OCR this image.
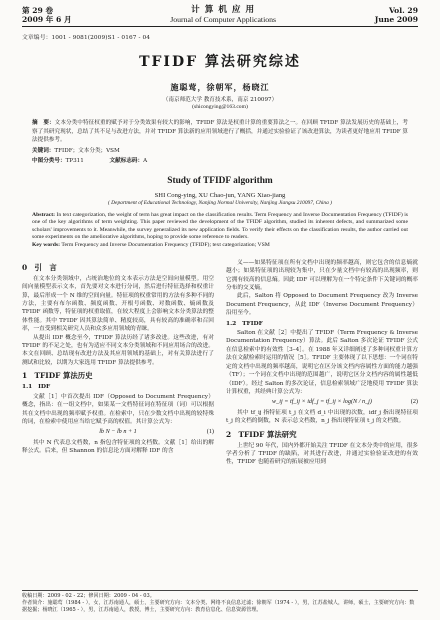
第 29 卷
2009 年 6 月
计 算 机 应 用
Journal of Computer Applications
Vol. 29
June 2009
文章编号：1001 - 9081(2009)S1 - 0167 - 04
TFIDF 算法研究综述
施聪莺，徐朝军，杨晓江
（南京师范大学 教育技术系，南京 210097）
(shicongying@163.com)
摘　要：文本分类中特征权重的赋予对于分类效果有较大的影响，TFIDF 算法是权重计算的重要算法之一。在回顾 TFIDF 算法发展历史的基础上，考察了其研究现状，总结了其不足与改进方法，并对 TFIDF 算法新的应用领域进行了概括，并通过实验验证了该改进算法，为读者更好地应用 TFIDF 算法提供参考。
关键词：TFIDF；文本分类；VSM
中图分类号：TP311	文献标志码：A
Study of TFIDF algorithm
SHI Cong-ying, XU Chao-jun, YANG Xiao-jiang
( Department of Educational Technology, Nanjing Normal University, Nanjing Jiangsu 210097, China )
Abstract: In text categorization, the weight of term has great impact on the classification results. Term Frequency and Inverse Documentation Frequency (TFIDF) is one of the key algorithms of term weighting. This paper reviewed the development of the TFIDF algorithm, studied its inherent defects, and summarized some scholars' improvements to it. Meanwhile, the survey generalized its new application fields. To verify their effects on the classification results, the author carried out some experiments on the ameliorative algorithms, hoping to provide some reference to readers.
Key words: Term Frequency and Inverse Documentation Frequency (TFIDF); text categorization; VSM
0　引　言

在文本分类领域中，占统治地位的文本表示方法是空间向量模型。用空间向量模型表示文本，首先要对文本进行分词，然后进行特征选择和权重计算，最后形成一个 N 维的空间向量。特征项的权重常用的方法有多种不同的方法，主要有布尔函数、频度函数、开根号函数、对数函数、熵函数及 TFIDF 函数等，特征项的权重取值，在较大程度上会影响文本分类算法的整体性能。其中 TFIDF 因其算法简单、精度较高，具有较高的准确率和召回率，一直受到相关研究人员和众多应用领域的青睐。

从提出 IDF 概念至今，TFIDF 算法历经了诸多改进。这些改进，有对 TFIDF 的不足之处，也有为适应不同文本分类领域和不同应用场合的改进。本文在回顾、总结现有改进方法及其应用领域的基础上，对有关算法进行了测试和比较，以期为大家选用 TFIDF 算法提供参考。

1　TFIDF 算法历史
1.1　IDF

文献［1］中首次提出 IDF（Opposed to Document Frequency）概念，指出：在一组文档中，如果某一文档特征词在特征项（词）可以根据其在文档中出现的频率赋予权重。在检索中，只在少数文档中出现的较特殊的词，在检索中使用应当给它赋予高的权值。其计算公式为：

lb N − lb n + 1	(1)

其中 N 代表总文档数，n 指包含特征项的文档数。文献［1］给出的解释公式。后来，但 Shannon 的信息论方面对解释 IDF 的含

义——如果特征项在所有文档中出现的频率越高，则它包含的信息熵就越小；如果特征项的出现较为集中，只在少量文档中有较高的出现频率，则它拥有较高的信息熵。因此 IDF 可以理解为在一个特定条件下关键词的概率分布的交叉熵。

此后，Salton 将 Opposed to Document Frequency 改为 Inverse Document Frequency，从此 IDF（Inverse Document Frequency）沿用至今。

1.2　TFIDF

Salton 在文献［2］中提出了 TFIDF（Term Frequency & Inverse Documentation Frequency）算法。此后 Salton 多次论证 TFIDF 公式在信息检索中的有效性［3–4］。在 1988 年又详细阐述了多种词权重计算方法在文献检索时运用的情况［5］。TFIDF 主要体现了以下思想：一个词在特定的文档中出现的频率越高，说明它在区分该文档内容属性方面的能力越强（TF）；一个词在文档中出现的范围越广，说明它区分文档内容的属性越低（IDF）。经过 Salton 的多次论证，信息检索领域广泛地使用 TFIDF 算法计算权重，其经典计算公式为：

w_ij = tf_ij × idf_j = tf_ij × log(N / n_j)	(2)

其中 tf_ij 指特征项 t_j 在文档 d_i 中出现的次数，idf_j 指出现特征项 t_j 的文档的倒数，N 表示总文档数，n_j 指出现特征项 t_j 的文档数。

2　TFIDF 算法研究

上世纪 90 年代，国内外都开始关注 TFIDF 在文本分类中的应用，很多学者分析了 TFIDF 的缺陷，对其进行改进，并通过实验验证改进的有效性，TFIDF 也随着研究的拓展被应用到

收稿日期：2009 - 02 - 22；修回日期：2009 - 04 - 03。
作者简介：施聪莺（1984 - ），女，江苏南通人，硕士，主要研究方向：文本分类、网络不良信息过滤；徐朝军（1974 - ），男，江苏盐城人，讲师，硕士，主要研究方向：数据挖掘；杨晓江（1965 - ），男，江苏南通人，教授，博士，主要研究方向：教育信息化、信息资源管理。
